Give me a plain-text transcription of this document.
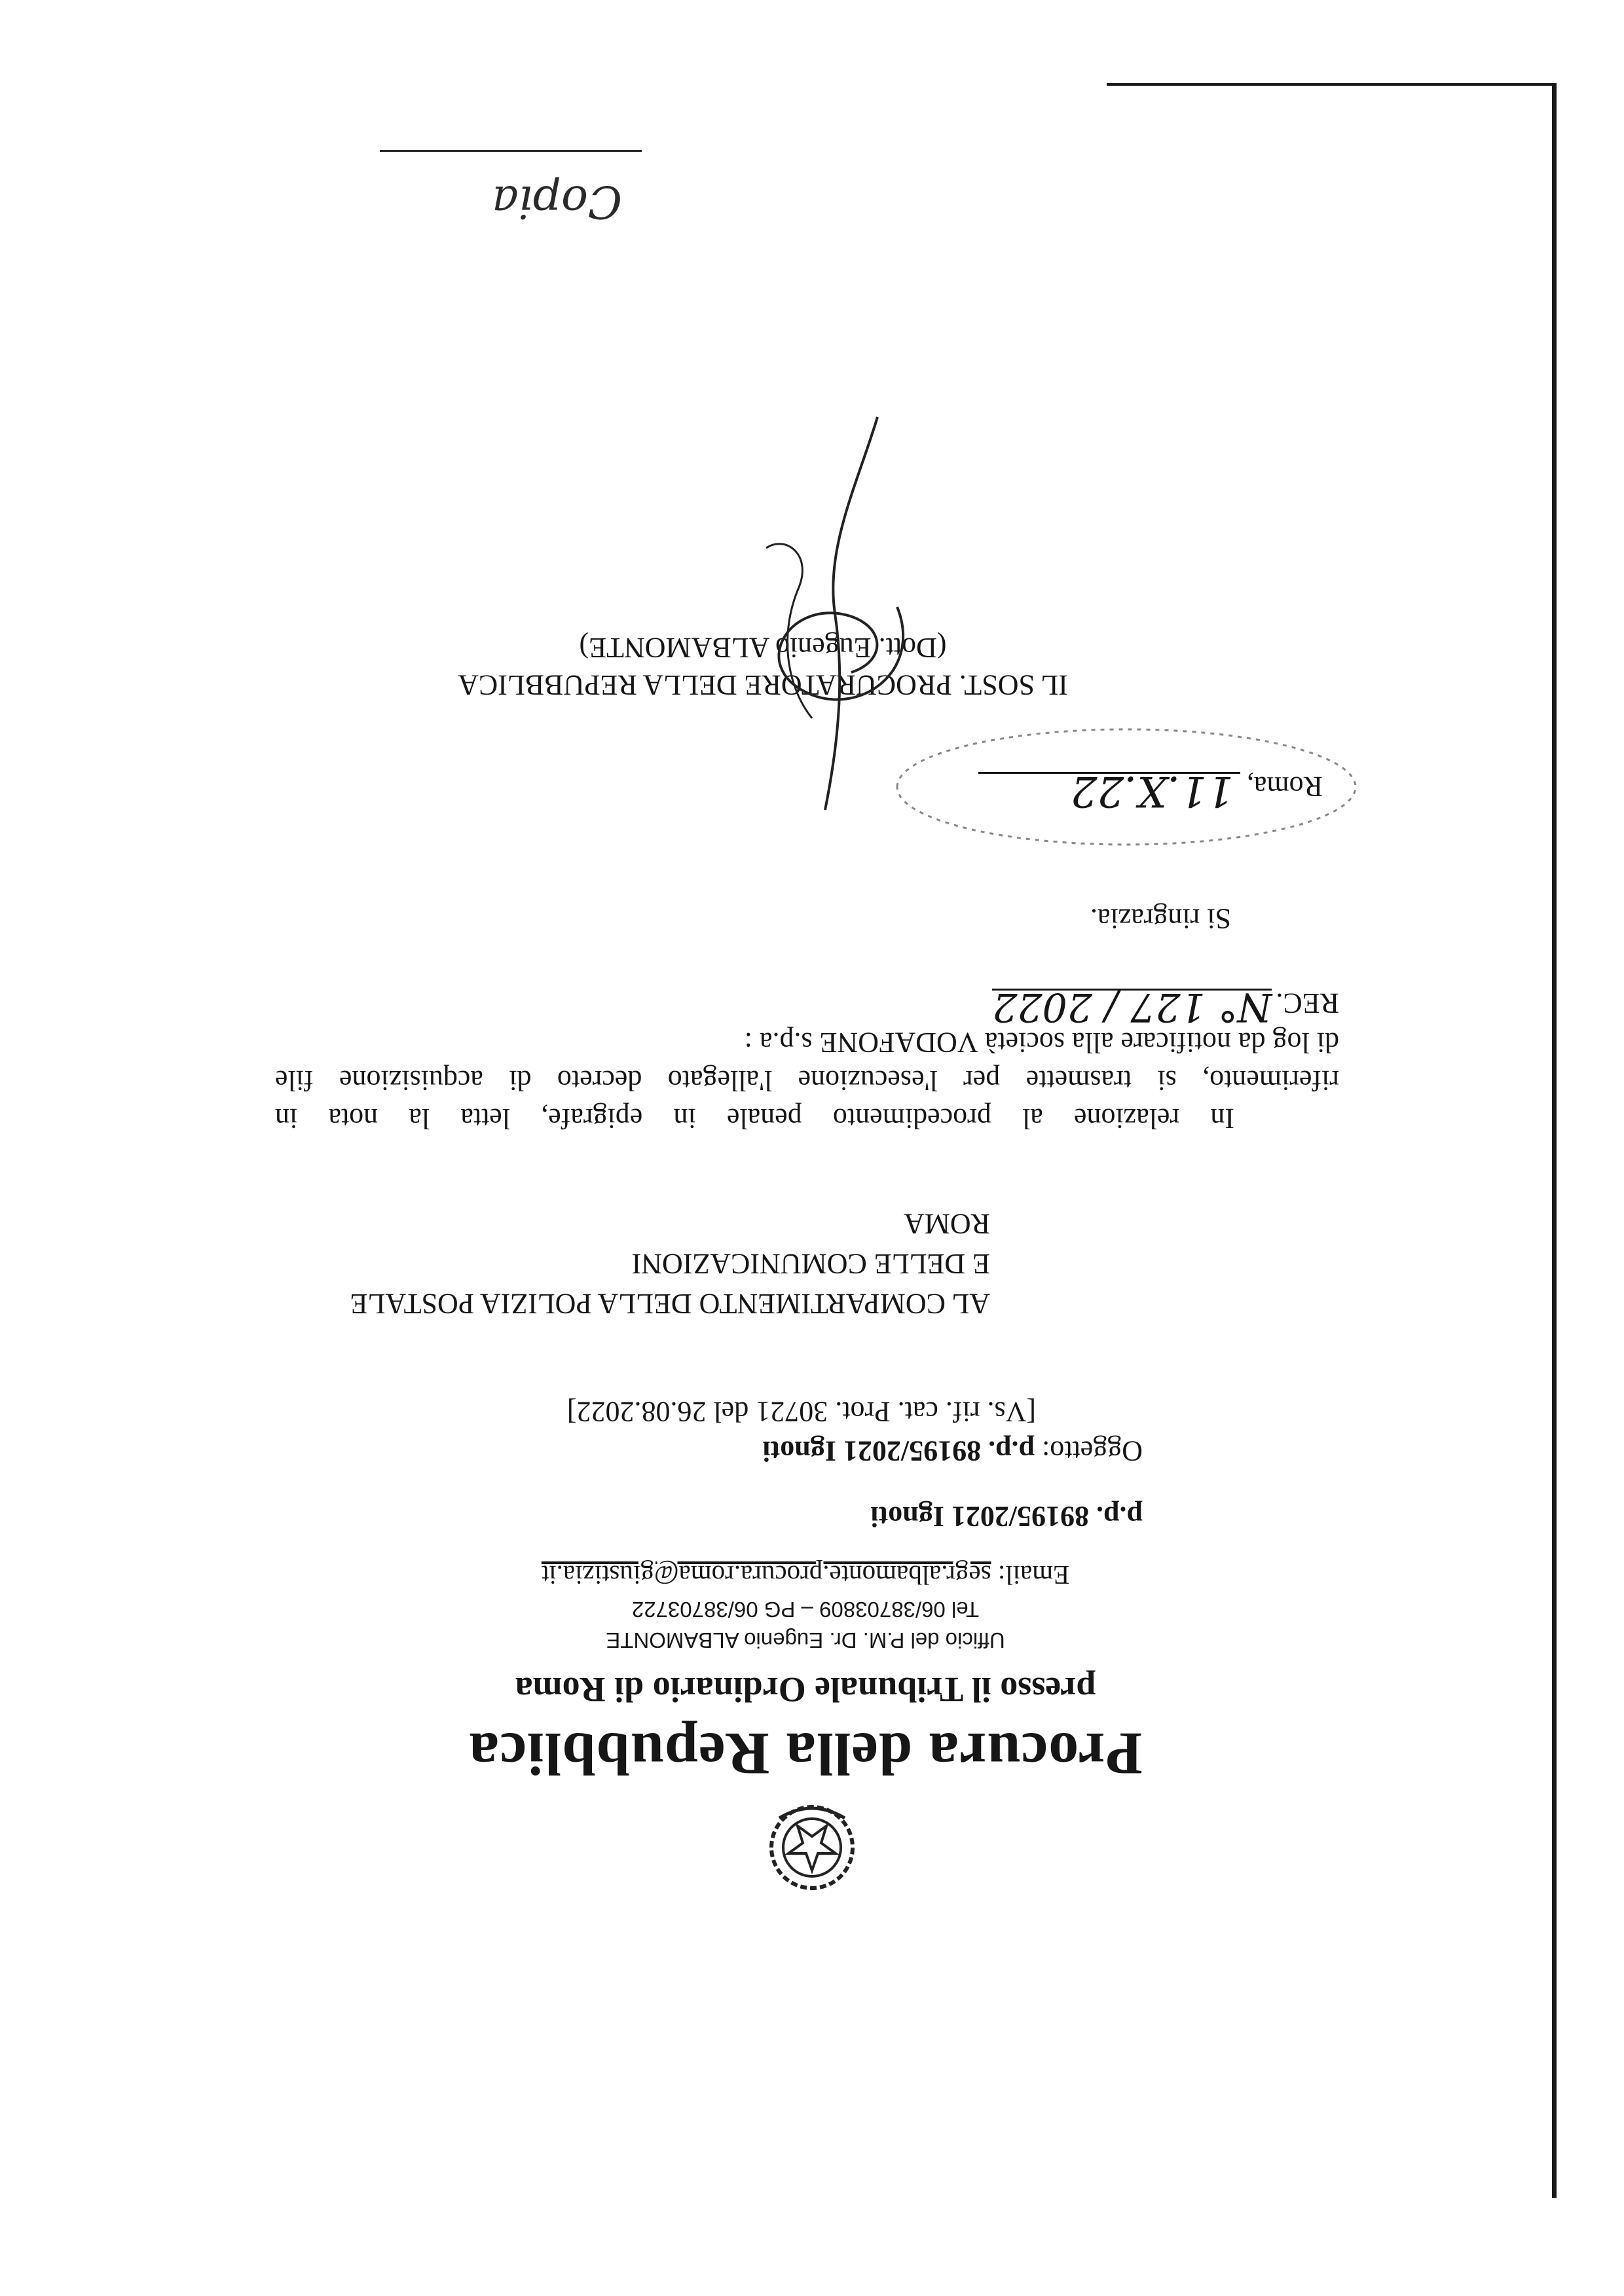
Procura della Repubblica
presso il Tribunale Ordinario di Roma
Ufficio del P.M. Dr. Eugenio ALBAMONTE
Tel 06/38703809 – PG 06/38703722
Email: segr.albamonte.procura.roma@giustizia.it
p.p. 89195/2021 Ignoti
Oggetto: p.p. 89195/2021 Ignoti
[Vs. rif. cat. Prot. 30721 del 26.08.2022]
AL COMPARTIMENTO DELLA POLIZIA POSTALE
E DELLE COMUNICAZIONI
ROMA
In relazione al procedimento penale in epigrafe, letta la nota in
riferimento, si trasmette per l'esecuzione l'allegato decreto di acquisizione file
di log da notificare alla società VODAFONE s.p.a :
REC.N° 127 / 2022
Si ringrazia.
Roma,11.X.22
IL SOST. PROCURATORE DELLA REPUBBLICA
(Dott. Eugenio ALBAMONTE)
Copia
